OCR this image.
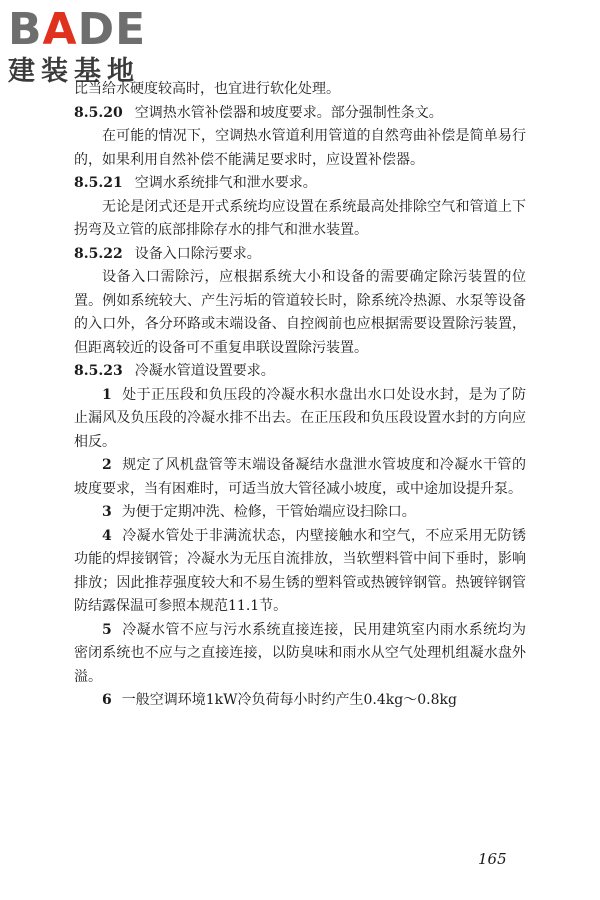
BADE
建装基地

比当给水硬度较高时，也宜进行软化处理。

8.5.20 空调热水管补偿器和坡度要求。部分强制性条文。

在可能的情况下，空调热水管道利用管道的自然弯曲补偿是简单易行的，如果利用自然补偿不能满足要求时，应设置补偿器。

8.5.21 空调水系统排气和泄水要求。

无论是闭式还是开式系统均应设置在系统最高处排除空气和管道上下拐弯及立管的底部排除存水的排气和泄水装置。

8.5.22 设备入口除污要求。

设备入口需除污，应根据系统大小和设备的需要确定除污装置的位置。例如系统较大、产生污垢的管道较长时，除系统冷热源、水泵等设备的入口外，各分环路或末端设备、自控阀前也应根据需要设置除污装置，但距离较近的设备可不重复串联设置除污装置。

8.5.23 冷凝水管道设置要求。

1 处于正压段和负压段的冷凝水积水盘出水口处设水封，是为了防止漏风及负压段的冷凝水排不出去。在正压段和负压段设置水封的方向应相反。

2 规定了风机盘管等末端设备凝结水盘泄水管坡度和冷凝水干管的坡度要求，当有困难时，可适当放大管径减小坡度，或中途加设提升泵。

3 为便于定期冲洗、检修，干管始端应设扫除口。

4 冷凝水管处于非满流状态，内壁接触水和空气，不应采用无防锈功能的焊接钢管；冷凝水为无压自流排放，当软塑料管中间下垂时，影响排放；因此推荐强度较大和不易生锈的塑料管或热镀锌钢管。热镀锌钢管防结露保温可参照本规范11.1节。

5 冷凝水管不应与污水系统直接连接，民用建筑室内雨水系统均为密闭系统也不应与之直接连接，以防臭味和雨水从空气处理机组凝水盘外溢。

6 一般空调环境1kW冷负荷每小时约产生0.4kg～0.8kg

165
